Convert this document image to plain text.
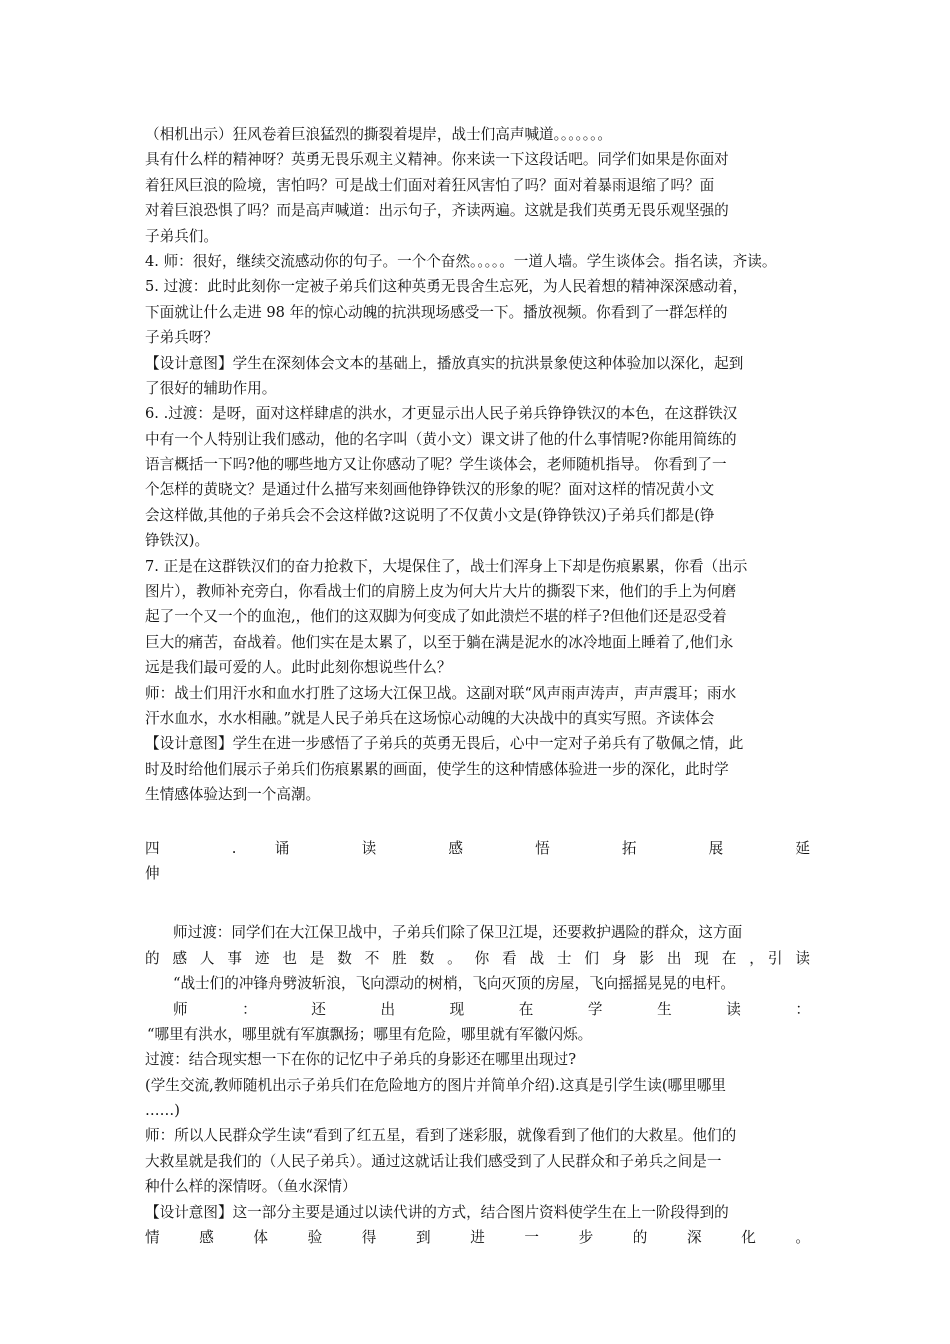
（相机出示）狂风卷着巨浪猛烈的撕裂着堤岸，战士们高声喊道。。。。。。。
具有什么样的精神呀？英勇无畏乐观主义精神。你来读一下这段话吧。同学们如果是你面对
着狂风巨浪的险境，害怕吗？可是战士们面对着狂风害怕了吗？面对着暴雨退缩了吗？面
对着巨浪恐惧了吗？而是高声喊道：出示句子，齐读两遍。这就是我们英勇无畏乐观坚强的
子弟兵们。
4. 师：很好，继续交流感动你的句子。一个个奋然。。。。。一道人墙。学生谈体会。指名读，齐读。
5. 过渡：此时此刻你一定被子弟兵们这种英勇无畏舍生忘死，为人民着想的精神深深感动着，
下面就让什么走进 98 年的惊心动魄的抗洪现场感受一下。播放视频。你看到了一群怎样的
子弟兵呀？
【设计意图】学生在深刻体会文本的基础上，播放真实的抗洪景象使这种体验加以深化，起到
了很好的辅助作用。
6. .过渡：是呀，面对这样肆虐的洪水，才更显示出人民子弟兵铮铮铁汉的本色，在这群铁汉
中有一个人特别让我们感动，他的名字叫（黄小文）课文讲了他的什么事情呢?你能用简练的
语言概括一下吗?他的哪些地方又让你感动了呢？学生谈体会，老师随机指导。 你看到了一
个怎样的黄晓文？是通过什么描写来刻画他铮铮铁汉的形象的呢？面对这样的情况黄小文
会这样做,其他的子弟兵会不会这样做?这说明了不仅黄小文是(铮铮铁汉)子弟兵们都是(铮
铮铁汉)。
7. 正是在这群铁汉们的奋力抢救下，大堤保住了，战士们浑身上下却是伤痕累累，你看（出示
图片），教师补充旁白，你看战士们的肩膀上皮为何大片大片的撕裂下来，他们的手上为何磨
起了一个又一个的血泡,，他们的这双脚为何变成了如此溃烂不堪的样子?但他们还是忍受着
巨大的痛苦，奋战着。他们实在是太累了，以至于躺在满是泥水的冰冷地面上睡着了,他们永
远是我们最可爱的人。此时此刻你想说些什么？
师：战士们用汗水和血水打胜了这场大江保卫战。这副对联“风声雨声涛声，声声震耳；雨水
汗水血水，水水相融。”就是人民子弟兵在这场惊心动魄的大决战中的真实写照。齐读体会
【设计意图】学生在进一步感悟了子弟兵的英勇无畏后，心中一定对子弟兵有了敬佩之情，此
时及时给他们展示子弟兵们伤痕累累的画面，使学生的这种情感体验进一步的深化，此时学
生情感体验达到一个高潮。
四 . 诵 读 感 悟 拓 展 延
伸
师过渡：同学们在大江保卫战中，子弟兵们除了保卫江堤，还要救护遇险的群众，这方面
的 感 人 事 迹 也 是 数 不 胜 数 。 你 看 战 士 们 身 影 出 现 在 ，引 读
“战士们的冲锋舟劈波斩浪，飞向漂动的树梢，飞向灭顶的房屋，飞向摇摇晃晃的电杆。
师 ： 还 出 现 在 学 生 读 ：
“哪里有洪水，哪里就有军旗飘扬；哪里有危险，哪里就有军徽闪烁。
过渡：结合现实想一下在你的记忆中子弟兵的身影还在哪里出现过?
(学生交流,教师随机出示子弟兵们在危险地方的图片并简单介绍).这真是引学生读(哪里哪里
……)
师：所以人民群众学生读“看到了红五星，看到了迷彩服，就像看到了他们的大救星。他们的
大救星就是我们的（人民子弟兵）。通过这就话让我们感受到了人民群众和子弟兵之间是一
种什么样的深情呀。（鱼水深情）
【设计意图】这一部分主要是通过以读代讲的方式，结合图片资料使学生在上一阶段得到的
情 感 体 验 得 到 进 一 步 的 深 化 。
